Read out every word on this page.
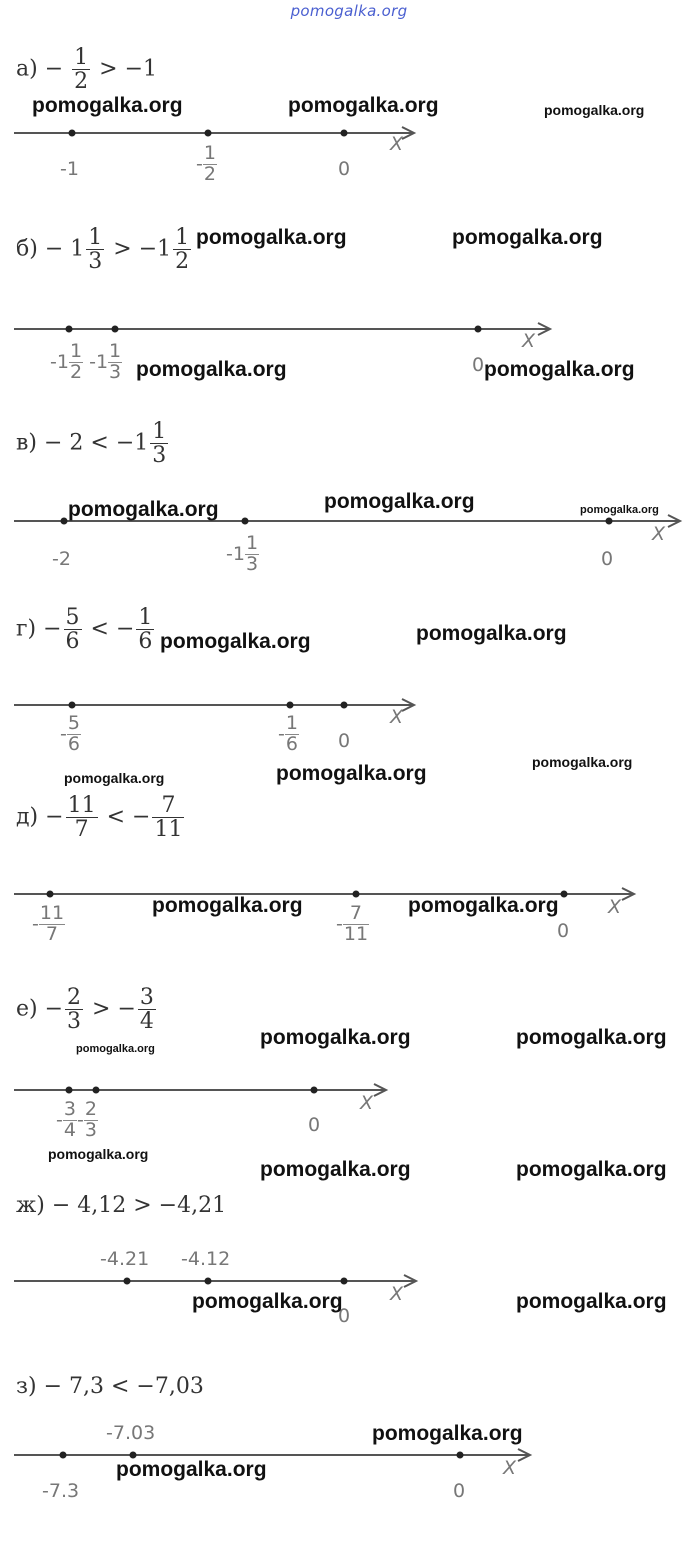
pomogalka.org
$а) - \frac{1}{2} > -1$
-1	- $\frac{1}{2}$	0
X
$б) - 1 \frac{1}{3} > -1 \frac{1}{2}$
$-1 \frac{1}{2} -1 \frac{1}{3}$	0
X
$в) - 2 < -1 \frac{1}{3}$
-2	$-1 \frac{1}{3}$	0
X
$г) - \frac{5}{6}$ < − $\frac{1}{6}$
- $\frac{5}{6}$	- $\frac{1}{6} 0$
X
$д) - \frac{11}{7}$ < − $\frac{7}{11}$
- $\frac{11}{7}$	- $\frac{7}{11}$	0
X
$е) - \frac{2}{3}$ > − $\frac{3}{4}$
- $\frac{3}{4} - \frac{2}{3}$	0
X
ж) − 4,12 > −4,21
-4.21 -4.12
0
X
з) − 7,3 < −7,03
-7.3
-7.03
0
X
pomogalka.org	pomogalka.org	pomogalka.org
pomogalka.org	pomogalka.org
pomogalka.org	pomogalka.org
pomogalka.org	pomogalka.org	pomogalka.org
pomogalka.org	pomogalka.org
pomogalka.org	pomogalka.org	pomogalka.org
pomogalka.org	pomogalka.org
pomogalka.org	pomogalka.org	pomogalka.org
pomogalka.org
pomogalka.org	pomogalka.org
pomogalka.org	pomogalka.org
pomogalka.org
pomogalka.org
